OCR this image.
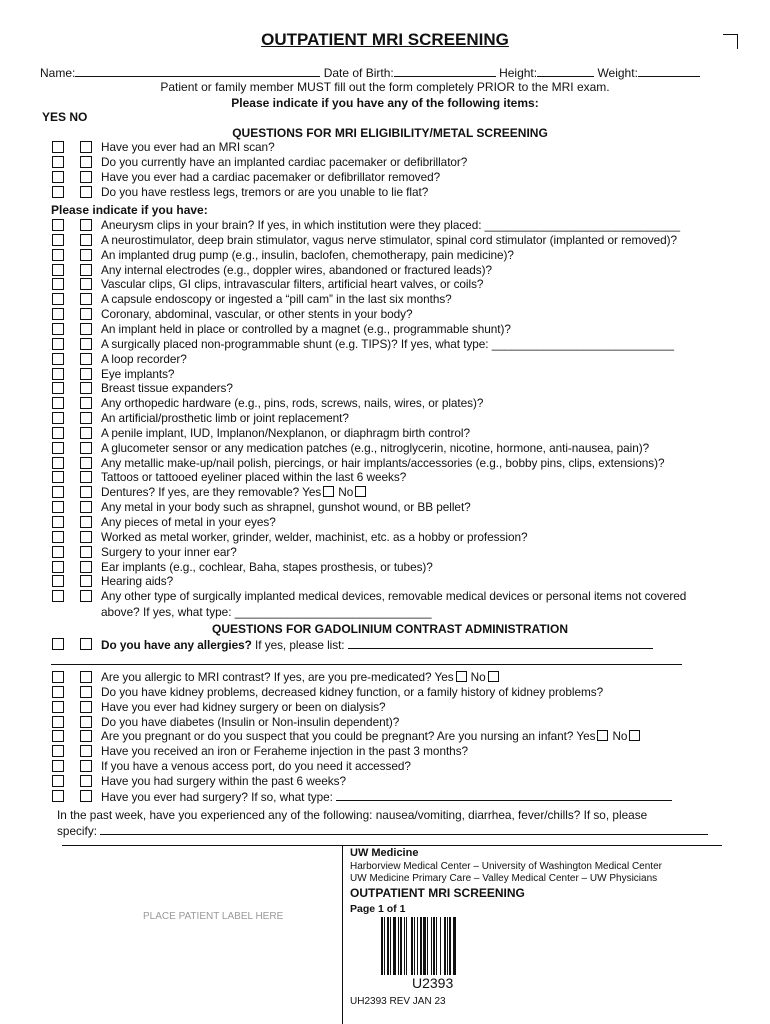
OUTPATIENT MRI SCREENING
Name:	Date of Birth:	Height:	Weight:
Patient or family member MUST fill out the form completely PRIOR to the MRI exam.
Please indicate if you have any of the following items:
YES NO
QUESTIONS FOR MRI ELIGIBILITY/METAL SCREENING
Have you ever had an MRI scan?
Do you currently have an implanted cardiac pacemaker or defibrillator?
Have you ever had a cardiac pacemaker or defibrillator removed?
Do you have restless legs, tremors or are you unable to lie flat?
Please indicate if you have:
Aneurysm clips in your brain? If yes, in which institution were they placed: ______________________________
A neurostimulator, deep brain stimulator, vagus nerve stimulator, spinal cord stimulator (implanted or removed)?
An implanted drug pump (e.g., insulin, baclofen, chemotherapy, pain medicine)?
Any internal electrodes (e.g., doppler wires, abandoned or fractured leads)?
Vascular clips, GI clips, intravascular filters, artificial heart valves, or coils?
A capsule endoscopy or ingested a “pill cam” in the last six months?
Coronary, abdominal, vascular, or other stents in your body?
An implant held in place or controlled by a magnet (e.g., programmable shunt)?
A surgically placed non-programmable shunt (e.g. TIPS)? If yes, what type: ____________________________
A loop recorder?
Eye implants?
Breast tissue expanders?
Any orthopedic hardware (e.g., pins, rods, screws, nails, wires, or plates)?
An artificial/prosthetic limb or joint replacement?
A penile implant, IUD, Implanon/Nexplanon, or diaphragm birth control?
A glucometer sensor or any medication patches (e.g., nitroglycerin, nicotine, hormone, anti-nausea, pain)?
Any metallic make-up/nail polish, piercings, or hair implants/accessories (e.g., bobby pins, clips, extensions)?
Tattoos or tattooed eyeliner placed within the last 6 weeks?
Dentures? If yes, are they removable? Yes No
Any metal in your body such as shrapnel, gunshot wound, or BB pellet?
Any pieces of metal in your eyes?
Worked as metal worker, grinder, welder, machinist, etc. as a hobby or profession?
Surgery to your inner ear?
Ear implants (e.g., cochlear, Baha, stapes prosthesis, or tubes)?
Hearing aids?
Any other type of surgically implanted medical devices, removable medical devices or personal items not covered
above? If yes, what type: ______________________________
QUESTIONS FOR GADOLINIUM CONTRAST ADMINISTRATION
Do you have any allergies? If yes, please list:
Are you allergic to MRI contrast? If yes, are you pre-medicated? Yes No
Do you have kidney problems, decreased kidney function, or a family history of kidney problems?
Have you ever had kidney surgery or been on dialysis?
Do you have diabetes (Insulin or Non-insulin dependent)?
Are you pregnant or do you suspect that you could be pregnant? Are you nursing an infant? Yes No
Have you received an iron or Feraheme injection in the past 3 months?
If you have a venous access port, do you need it accessed?
Have you had surgery within the past 6 weeks?
Have you ever had surgery? If so, what type:
In the past week, have you experienced any of the following: nausea/vomiting, diarrhea, fever/chills? If so, please
specify:
PLACE PATIENT LABEL HERE
UW Medicine
Harborview Medical Center – University of Washington Medical Center
UW Medicine Primary Care – Valley Medical Center – UW Physicians
OUTPATIENT MRI SCREENING
Page 1 of 1
U2393
UH2393 REV JAN 23
